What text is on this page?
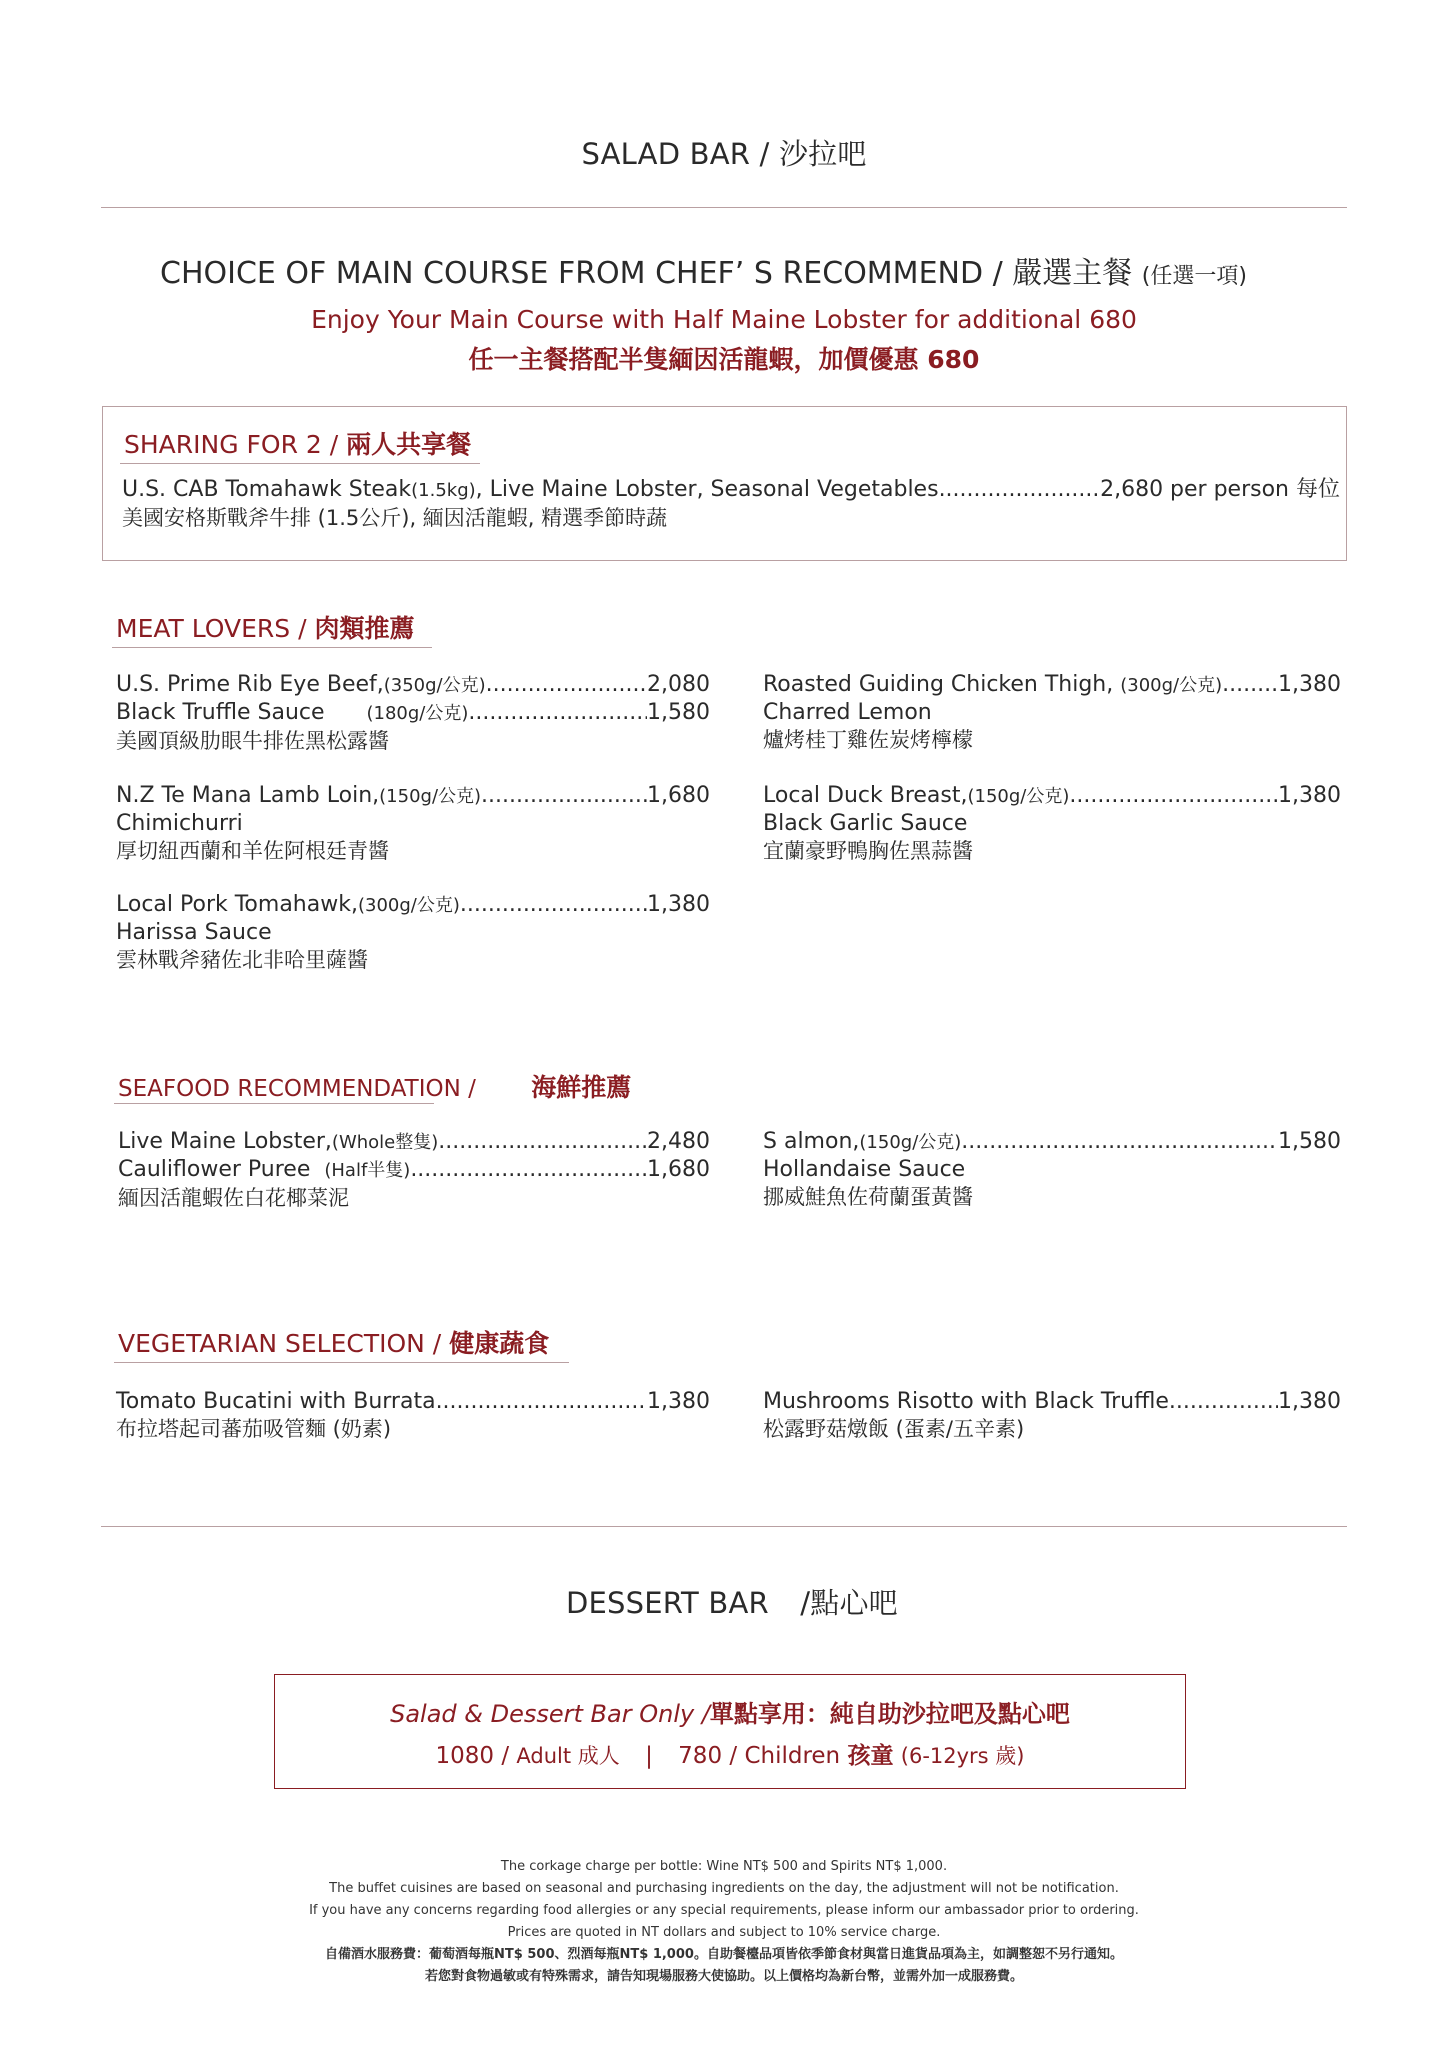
SALAD BAR / 沙拉吧
CHOICE OF MAIN COURSE FROM CHEF’ S RECOMMEND / 嚴選主餐 (任選一項)
Enjoy Your Main Course with Half Maine Lobster for additional 680
任一主餐搭配半隻緬因活龍蝦，加價優惠 680
SHARING FOR 2 / 兩人共享餐
U.S. CAB Tomahawk Steak(1.5kg), Live Maine Lobster, Seasonal Vegetables .....	2,680 per person 每位
美國安格斯戰斧牛排 (1.5公斤), 緬因活龍蝦, 精選季節時蔬
MEAT LOVERS / 肉類推薦
U.S. Prime Rib Eye Beef,(350g/公克) .....	2,080
Black Truffle Sauce (180g/公克) .....	1,580
美國頂級肋眼牛排佐黑松露醬
N.Z Te Mana Lamb Loin,(150g/公克) .....	1,680
Chimichurri
厚切紐西蘭和羊佐阿根廷青醬
Local Pork Tomahawk,(300g/公克) .....	1,380
Harissa Sauce
雲林戰斧豬佐北非哈里薩醬
Roasted Guiding Chicken Thigh, (300g/公克) .....	1,380
Charred Lemon
爐烤桂丁雞佐炭烤檸檬
Local Duck Breast,(150g/公克) .....	1,380
Black Garlic Sauce
宜蘭豪野鴨胸佐黑蒜醬
SEAFOOD RECOMMENDATION / 海鮮推薦
Live Maine Lobster,(Whole整隻) .....	2,480
Cauliflower Puree (Half半隻) .....	1,680
緬因活龍蝦佐白花椰菜泥
S almon,(150g/公克) .....	1,580
Hollandaise Sauce
挪威鮭魚佐荷蘭蛋黃醬
VEGETARIAN SELECTION / 健康蔬食
Tomato Bucatini with Burrata .....	1,380
布拉塔起司蕃茄吸管麵 (奶素)
Mushrooms Risotto with Black Truffle .....	1,380
松露野菇燉飯 (蛋素/五辛素)
DESSERT BAR /點心吧
Salad & Dessert Bar Only /單點享用：純自助沙拉吧及點心吧
1080 / Adult 成人 | 780 / Children 孩童 (6-12yrs 歲)
The corkage charge per bottle: Wine NT$ 500 and Spirits NT$ 1,000.
The buffet cuisines are based on seasonal and purchasing ingredients on the day, the adjustment will not be notification.
If you have any concerns regarding food allergies or any special requirements, please inform our ambassador prior to ordering.
Prices are quoted in NT dollars and subject to 10% service charge.
自備酒水服務費：葡萄酒每瓶NT$ 500、烈酒每瓶NT$ 1,000。自助餐檯品項皆依季節食材與當日進貨品項為主，如調整恕不另行通知。
若您對食物過敏或有特殊需求，請告知現場服務大使協助。以上價格均為新台幣，並需外加一成服務費。
